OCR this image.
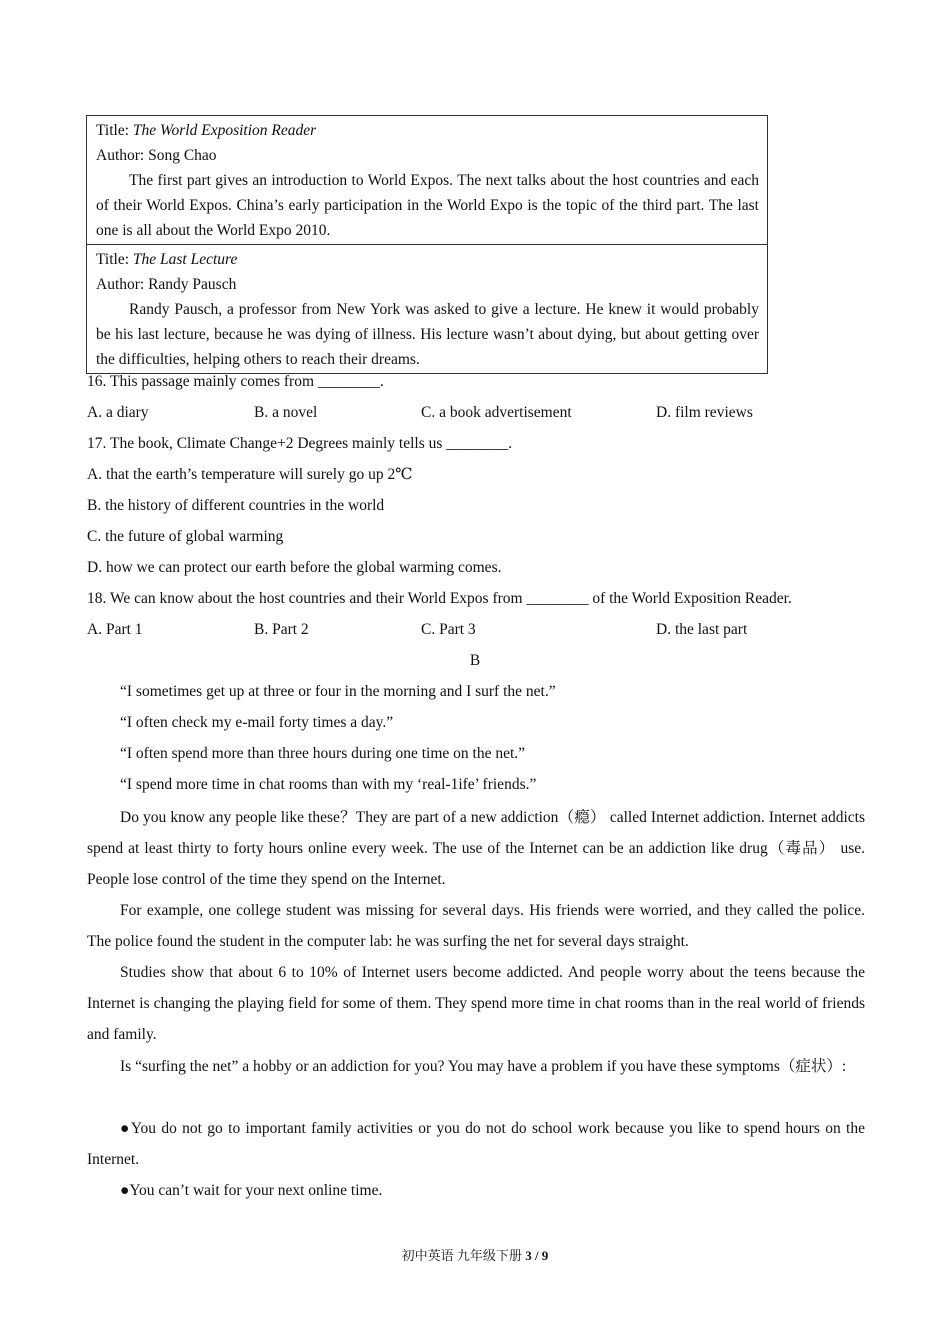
Title: The World Exposition Reader
Author: Song Chao
The first part gives an introduction to World Expos. The next talks about the host countries and each of their World Expos. China’s early participation in the World Expo is the topic of the third part. The last one is all about the World Expo 2010.
Title: The Last Lecture
Author: Randy Pausch
Randy Pausch, a professor from New York was asked to give a lecture. He knew it would probably be his last lecture, because he was dying of illness. His lecture wasn’t about dying, but about getting over the difficulties, helping others to reach their dreams.
16. This passage mainly comes from ________.
A. a diary	B. a novel	C. a book advertisement	D. film reviews
17. The book, Climate Change+2 Degrees mainly tells us ________.
A. that the earth’s temperature will surely go up 2℃
B. the history of different countries in the world
C. the future of global warming
D. how we can protect our earth before the global warming comes.
18. We can know about the host countries and their World Expos from ________ of the World Exposition Reader.
A. Part 1	B. Part 2	C. Part 3	D. the last part
B
“I sometimes get up at three or four in the morning and I surf the net.”
“I often check my e-mail forty times a day.”
“I often spend more than three hours during one time on the net.”
“I spend more time in chat rooms than with my ‘real-1ife’ friends.”
Do you know any people like these？They are part of a new addiction（瘾） called Internet addiction. Internet addicts spend at least thirty to forty hours online every week. The use of the Internet can be an addiction like drug（毒品） use. People lose control of the time they spend on the Internet.
For example, one college student was missing for several days. His friends were worried, and they called the police. The police found the student in the computer lab: he was surfing the net for several days straight.
Studies show that about 6 to 10% of Internet users become addicted. And people worry about the teens because the Internet is changing the playing field for some of them. They spend more time in chat rooms than in the real world of friends and family.
Is “surfing the net” a hobby or an addiction for you? You may have a problem if you have these symptoms（症状）:
●You do not go to important family activities or you do not do school work because you like to spend hours on the Internet.
●You can’t wait for your next online time.
初中英语 九年级下册 3 / 9
